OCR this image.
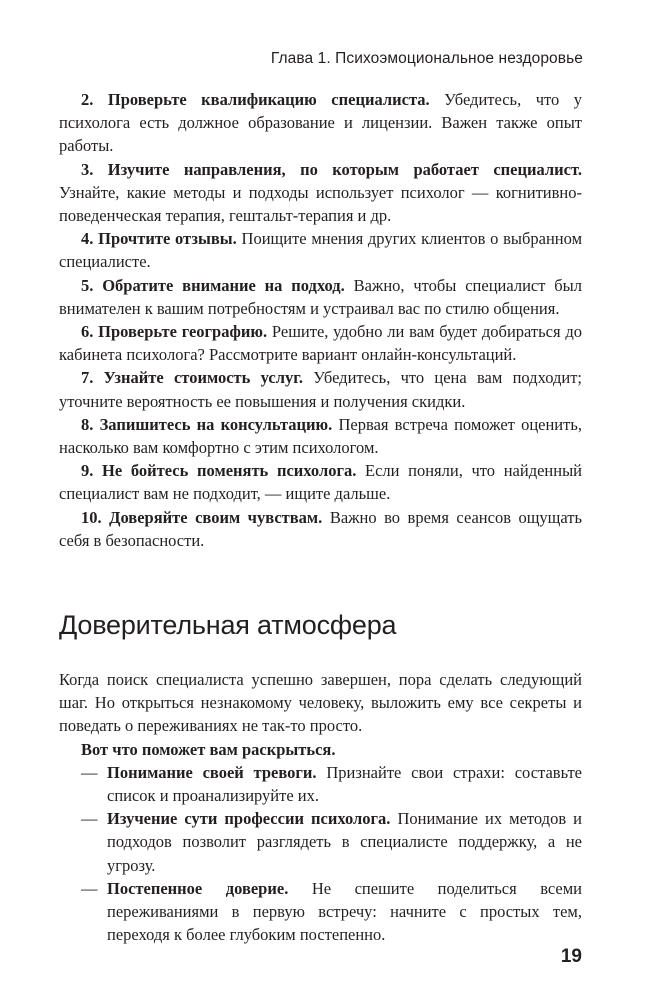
Глава 1. Психоэмоциональное нездоровье

2. Проверьте квалификацию специалиста. Убедитесь, что у психолога есть должное образование и лицензии. Важен также опыт работы.

3. Изучите направления, по которым работает специалист. Узнайте, какие методы и подходы использует психолог — когнитивно-поведенческая терапия, гештальт-терапия и др.

4. Прочтите отзывы. Поищите мнения других клиентов о выбранном специалисте.

5. Обратите внимание на подход. Важно, чтобы специалист был внимателен к вашим потребностям и устраивал вас по стилю общения.

6. Проверьте географию. Решите, удобно ли вам будет добираться до кабинета психолога? Рассмотрите вариант онлайн-консультаций.

7. Узнайте стоимость услуг. Убедитесь, что цена вам подходит; уточните вероятность ее повышения и получения скидки.

8. Запишитесь на консультацию. Первая встреча поможет оценить, насколько вам комфортно с этим психологом.

9. Не бойтесь поменять психолога. Если поняли, что найденный специалист вам не подходит, — ищите дальше.

10. Доверяйте своим чувствам. Важно во время сеансов ощущать себя в безопасности.

Доверительная атмосфера

Когда поиск специалиста успешно завершен, пора сделать следующий шаг. Но открыться незнакомому человеку, выложить ему все секреты и поведать о переживаниях не так-то просто.

Вот что поможет вам раскрыться.

— Понимание своей тревоги. Признайте свои страхи: составьте список и проанализируйте их.
— Изучение сути профессии психолога. Понимание их методов и подходов позволит разглядеть в специалисте поддержку, а не угрозу.
— Постепенное доверие. Не спешите поделиться всеми переживаниями в первую встречу: начните с простых тем, переходя к более глубоким постепенно.
19
